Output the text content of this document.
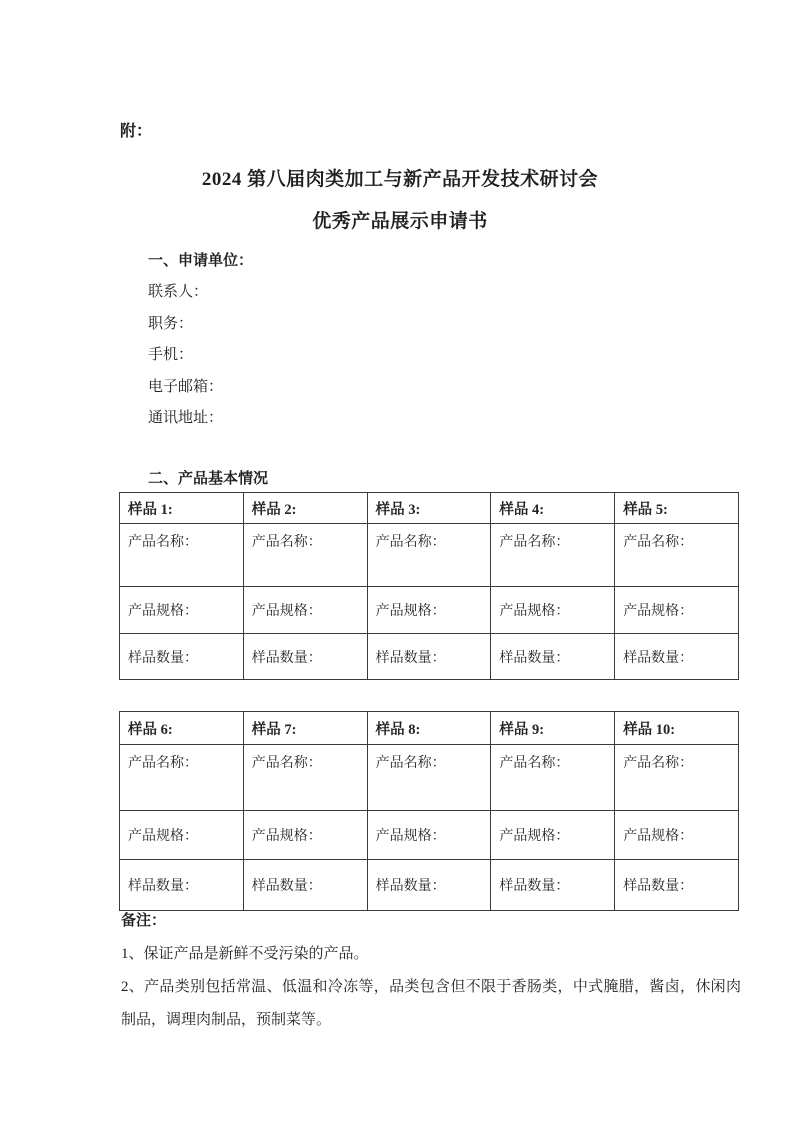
附：
2024 第八届肉类加工与新产品开发技术研讨会
优秀产品展示申请书

一、申请单位：

联系人：

职务：

手机：

电子邮箱：

通讯地址：

二、产品基本情况
样品 1:	样品 2:	样品 3:	样品 4:	样品 5:
产品名称：	产品名称：	产品名称：	产品名称：	产品名称：
产品规格：	产品规格：	产品规格：	产品规格：	产品规格：
样品数量：	样品数量：	样品数量：	样品数量：	样品数量：
样品 6:	样品 7:	样品 8:	样品 9:	样品 10:
产品名称：	产品名称：	产品名称：	产品名称：	产品名称：
产品规格：	产品规格：	产品规格：	产品规格：	产品规格：
样品数量：	样品数量：	样品数量：	样品数量：	样品数量：

备注：

1、保证产品是新鲜不受污染的产品。

2、产品类别包括常温、低温和冷冻等，品类包含但不限于香肠类，中式腌腊，酱卤，休闲肉制品，调理肉制品，预制菜等。
